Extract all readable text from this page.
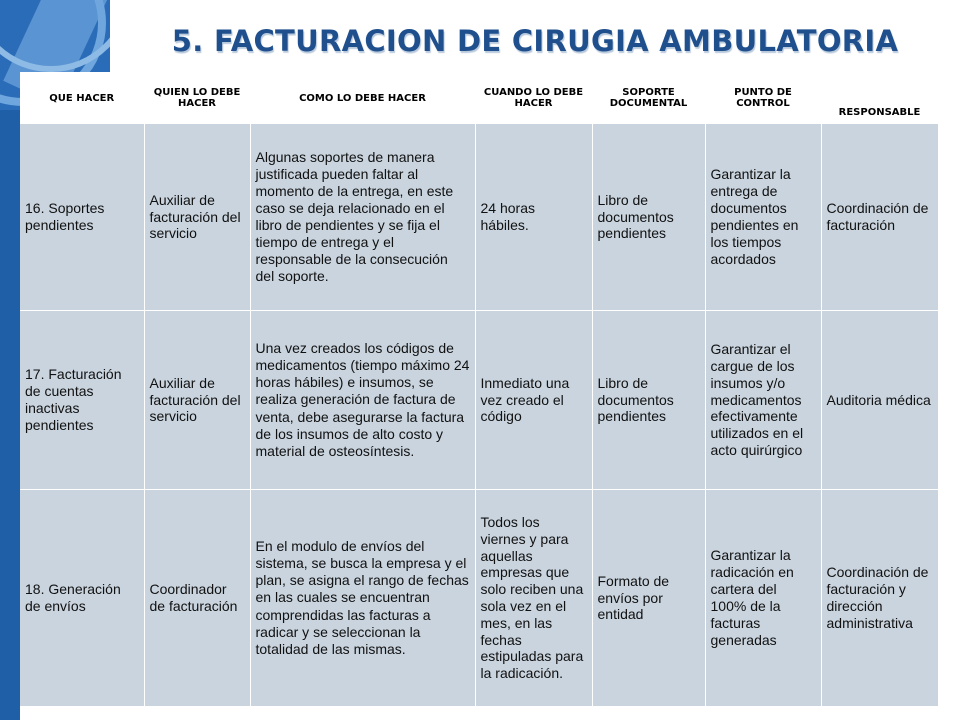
5. FACTURACION DE CIRUGIA AMBULATORIA
QUE HACER	QUIEN LO DEBE HACER	COMO LO DEBE HACER	CUANDO LO DEBE HACER	SOPORTE DOCUMENTAL	PUNTO DE CONTROL	RESPONSABLE
16. Soportes pendientes	Auxiliar de facturación del servicio	Algunas soportes de manera justificada pueden faltar al momento de la entrega, en este caso se deja relacionado en el libro de pendientes y se fija el tiempo de entrega y el responsable de la consecución del soporte.	24 horas hábiles.	Libro de documentos pendientes	Garantizar la entrega de documentos pendientes en los tiempos acordados	Coordinación de facturación
17. Facturación de cuentas inactivas pendientes	Auxiliar de facturación del servicio	Una vez creados los códigos de medicamentos (tiempo máximo 24 horas hábiles) e insumos, se realiza generación de factura de venta, debe asegurarse la factura de los insumos de alto costo y material de osteosíntesis.	Inmediato una vez creado el código	Libro de documentos pendientes	Garantizar el cargue de los insumos y/o medicamentos efectivamente utilizados en el acto quirúrgico	Auditoria médica
18. Generación de envíos	Coordinador de facturación	En el modulo de envíos del sistema, se busca la empresa y el plan, se asigna el rango de fechas en las cuales se encuentran comprendidas las facturas a radicar y se seleccionan la totalidad de las mismas.	Todos los viernes y para aquellas empresas que solo reciben una sola vez en el mes, en las fechas estipuladas para la radicación.	Formato de envíos por entidad	Garantizar la radicación en cartera del 100% de la facturas generadas	Coordinación de facturación y dirección administrativa
